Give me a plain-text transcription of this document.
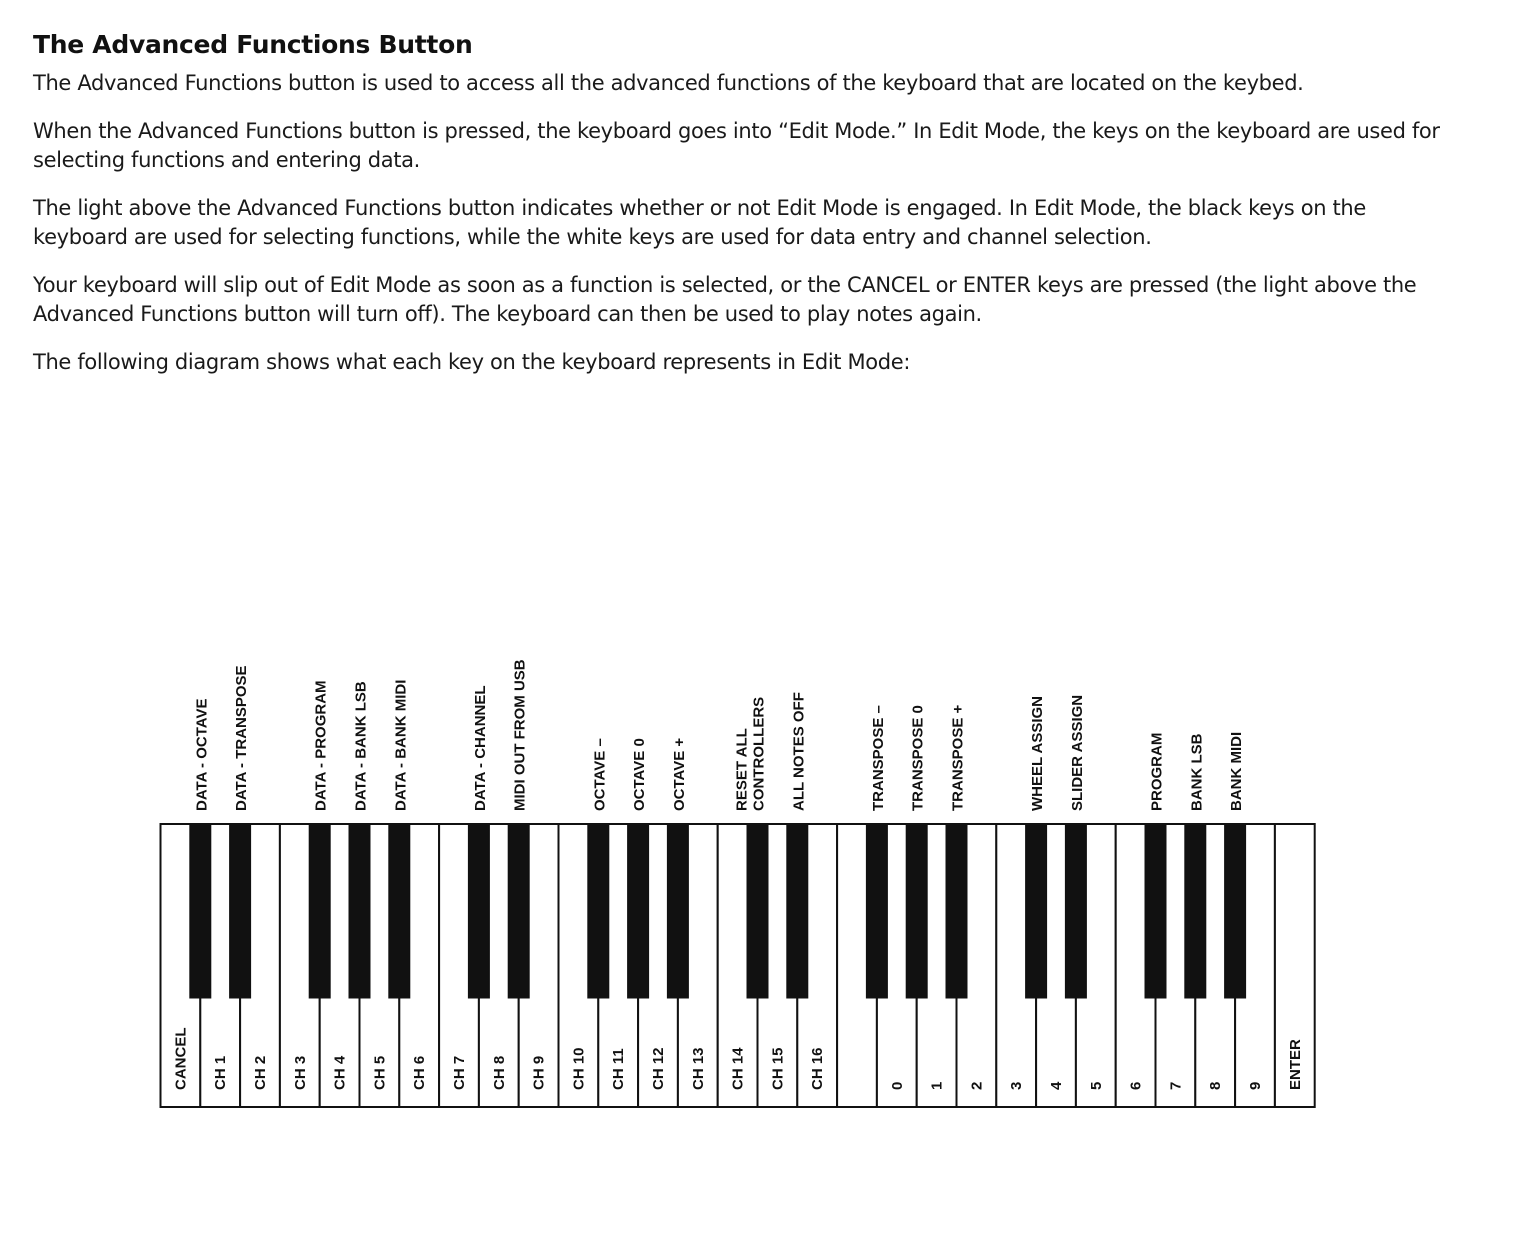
The Advanced Functions Button

The Advanced Functions button is used to access all the advanced functions of the keyboard that are located on the keybed.

When the Advanced Functions button is pressed, the keyboard goes into “Edit Mode.” In Edit Mode, the keys on the keyboard are used for selecting functions and entering data.

The light above the Advanced Functions button indicates whether or not Edit Mode is engaged. In Edit Mode, the black keys on the keyboard are used for selecting functions, while the white keys are used for data entry and channel selection.

Your keyboard will slip out of Edit Mode as soon as a function is selected, or the CANCEL or ENTER keys are pressed (the light above the Advanced Functions button will turn off). The keyboard can then be used to play notes again.

The following diagram shows what each key on the keyboard represents in Edit Mode:

CANCEL CH 1 CH 2 CH 3 CH 4 CH 5 CH 6 CH 7 CH 8 CH 9 CH 10 CH 11 CH 12 CH 13 CH 14 CH 15 CH 16	0 1 2 3 4 5 6 7 8 9 ENTER
DATA - OCTAVE DATA - TRANSPOSE	DATA - PROGRAM DATA - BANK LSB DATA - BANK MIDI	DATA - CHANNEL MIDI OUT FROM USB	OCTAVE – OCTAVE 0 OCTAVE +	RESET ALL CONTROLLERS ALL NOTES OFF	TRANSPOSE – TRANSPOSE 0 TRANSPOSE +	WHEEL ASSIGN SLIDER ASSIGN	PROGRAM BANK LSB BANK MIDI
